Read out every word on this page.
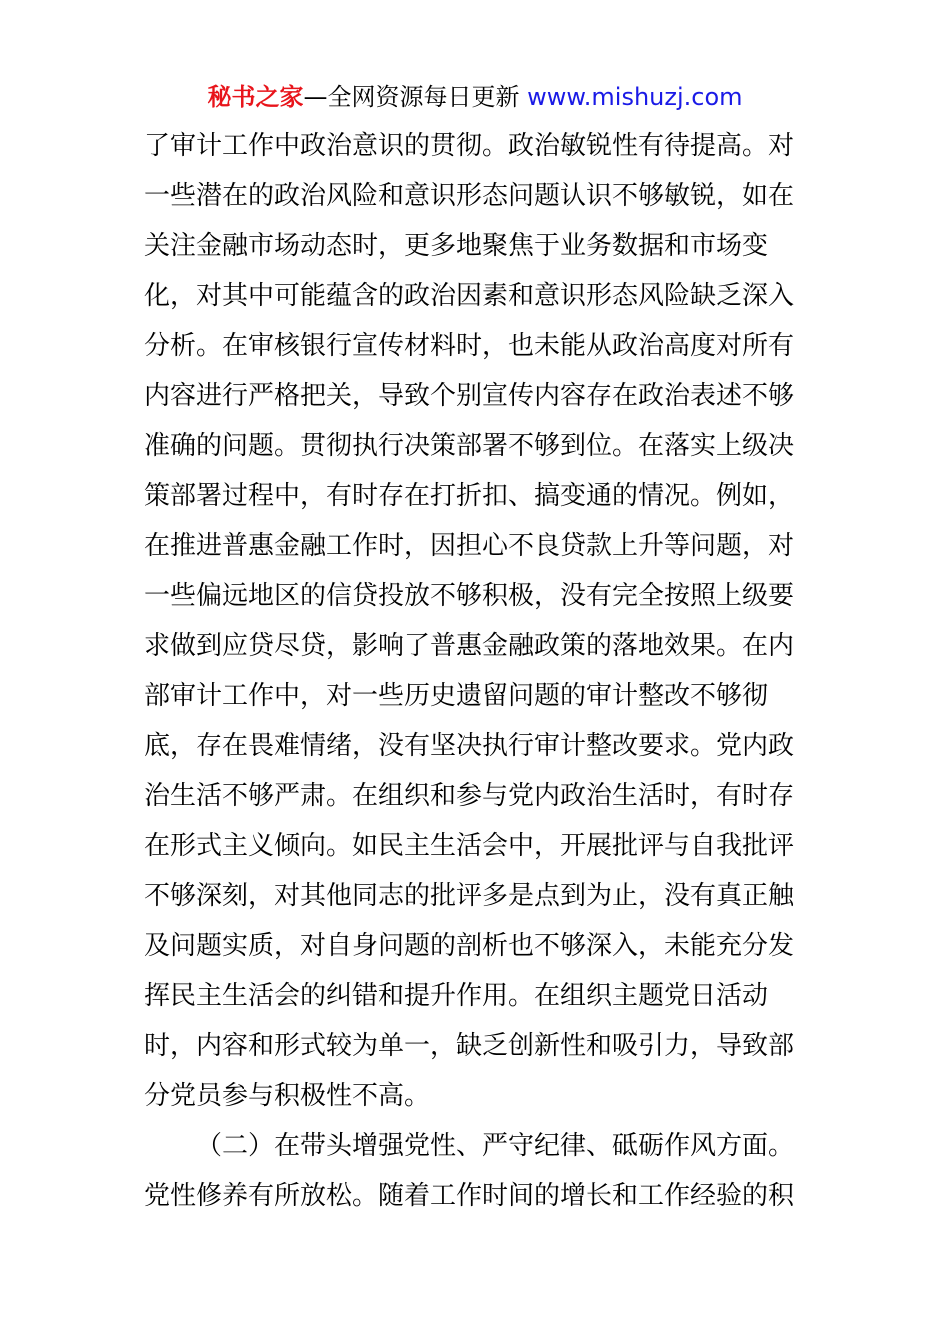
秘书之家—全网资源每日更新 www.mishuzj.com
了审计工作中政治意识的贯彻。政治敏锐性有待提高。对
一些潜在的政治风险和意识形态问题认识不够敏锐，如在
关注金融市场动态时，更多地聚焦于业务数据和市场变
化，对其中可能蕴含的政治因素和意识形态风险缺乏深入
分析。在审核银行宣传材料时，也未能从政治高度对所有
内容进行严格把关，导致个别宣传内容存在政治表述不够
准确的问题。贯彻执行决策部署不够到位。在落实上级决
策部署过程中，有时存在打折扣、搞变通的情况。例如，
在推进普惠金融工作时，因担心不良贷款上升等问题，对
一些偏远地区的信贷投放不够积极，没有完全按照上级要
求做到应贷尽贷，影响了普惠金融政策的落地效果。在内
部审计工作中，对一些历史遗留问题的审计整改不够彻
底，存在畏难情绪，没有坚决执行审计整改要求。党内政
治生活不够严肃。在组织和参与党内政治生活时，有时存
在形式主义倾向。如民主生活会中，开展批评与自我批评
不够深刻，对其他同志的批评多是点到为止，没有真正触
及问题实质，对自身问题的剖析也不够深入，未能充分发
挥民主生活会的纠错和提升作用。在组织主题党日活动
时，内容和形式较为单一，缺乏创新性和吸引力，导致部
分党员参与积极性不高。
（二）在带头增强党性、严守纪律、砥砺作风方面。
党性修养有所放松。随着工作时间的增长和工作经验的积
